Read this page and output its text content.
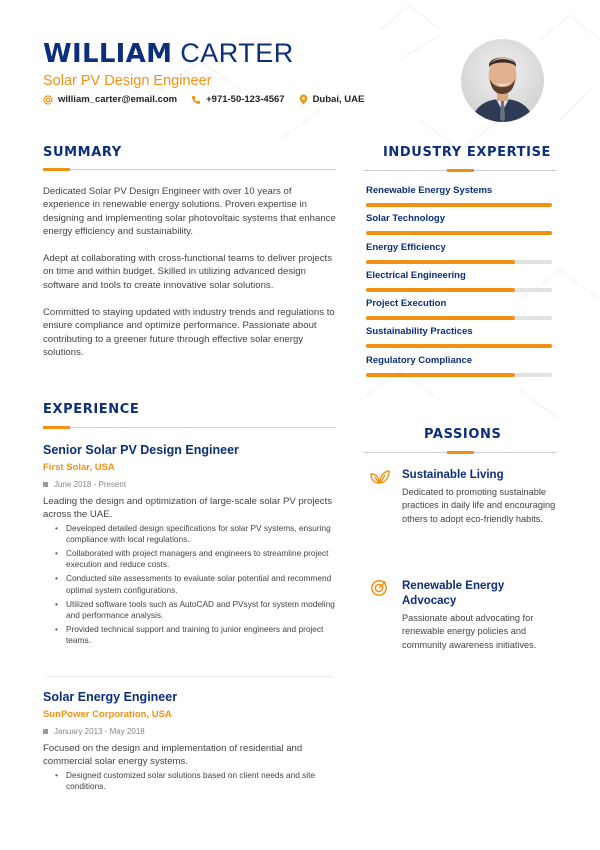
WILLIAM CARTER
Solar PV Design Engineer
william_carter@email.com	+971-50-123-4567	Dubai, UAE
SUMMARY
Dedicated Solar PV Design Engineer with over 10 years of experience in renewable energy solutions. Proven expertise in designing and implementing solar photovoltaic systems that enhance energy efficiency and sustainability.
Adept at collaborating with cross-functional teams to deliver projects on time and within budget. Skilled in utilizing advanced design software and tools to create innovative solar solutions.
Committed to staying updated with industry trends and regulations to ensure compliance and optimize performance. Passionate about contributing to a greener future through effective solar energy solutions.
INDUSTRY EXPERTISE
Renewable Energy Systems
Solar Technology
Energy Efficiency
Electrical Engineering
Project Execution
Sustainability Practices
Regulatory Compliance
EXPERIENCE
Senior Solar PV Design Engineer
First Solar, USA
June 2018 - Present
Leading the design and optimization of large-scale solar PV projects across the UAE.
• Developed detailed design specifications for solar PV systems, ensuring compliance with local regulations.
• Collaborated with project managers and engineers to streamline project execution and reduce costs.
• Conducted site assessments to evaluate solar potential and recommend optimal system configurations.
• Utilized software tools such as AutoCAD and PVsyst for system modeling and performance analysis.
• Provided technical support and training to junior engineers and project teams.
Solar Energy Engineer
SunPower Corporation, USA
January 2013 - May 2018
Focused on the design and implementation of residential and commercial solar energy systems.
• Designed customized solar solutions based on client needs and site conditions.
PASSIONS
Sustainable Living
Dedicated to promoting sustainable practices in daily life and encouraging others to adopt eco-friendly habits.
Renewable Energy Advocacy
Passionate about advocating for renewable energy policies and community awareness initiatives.
